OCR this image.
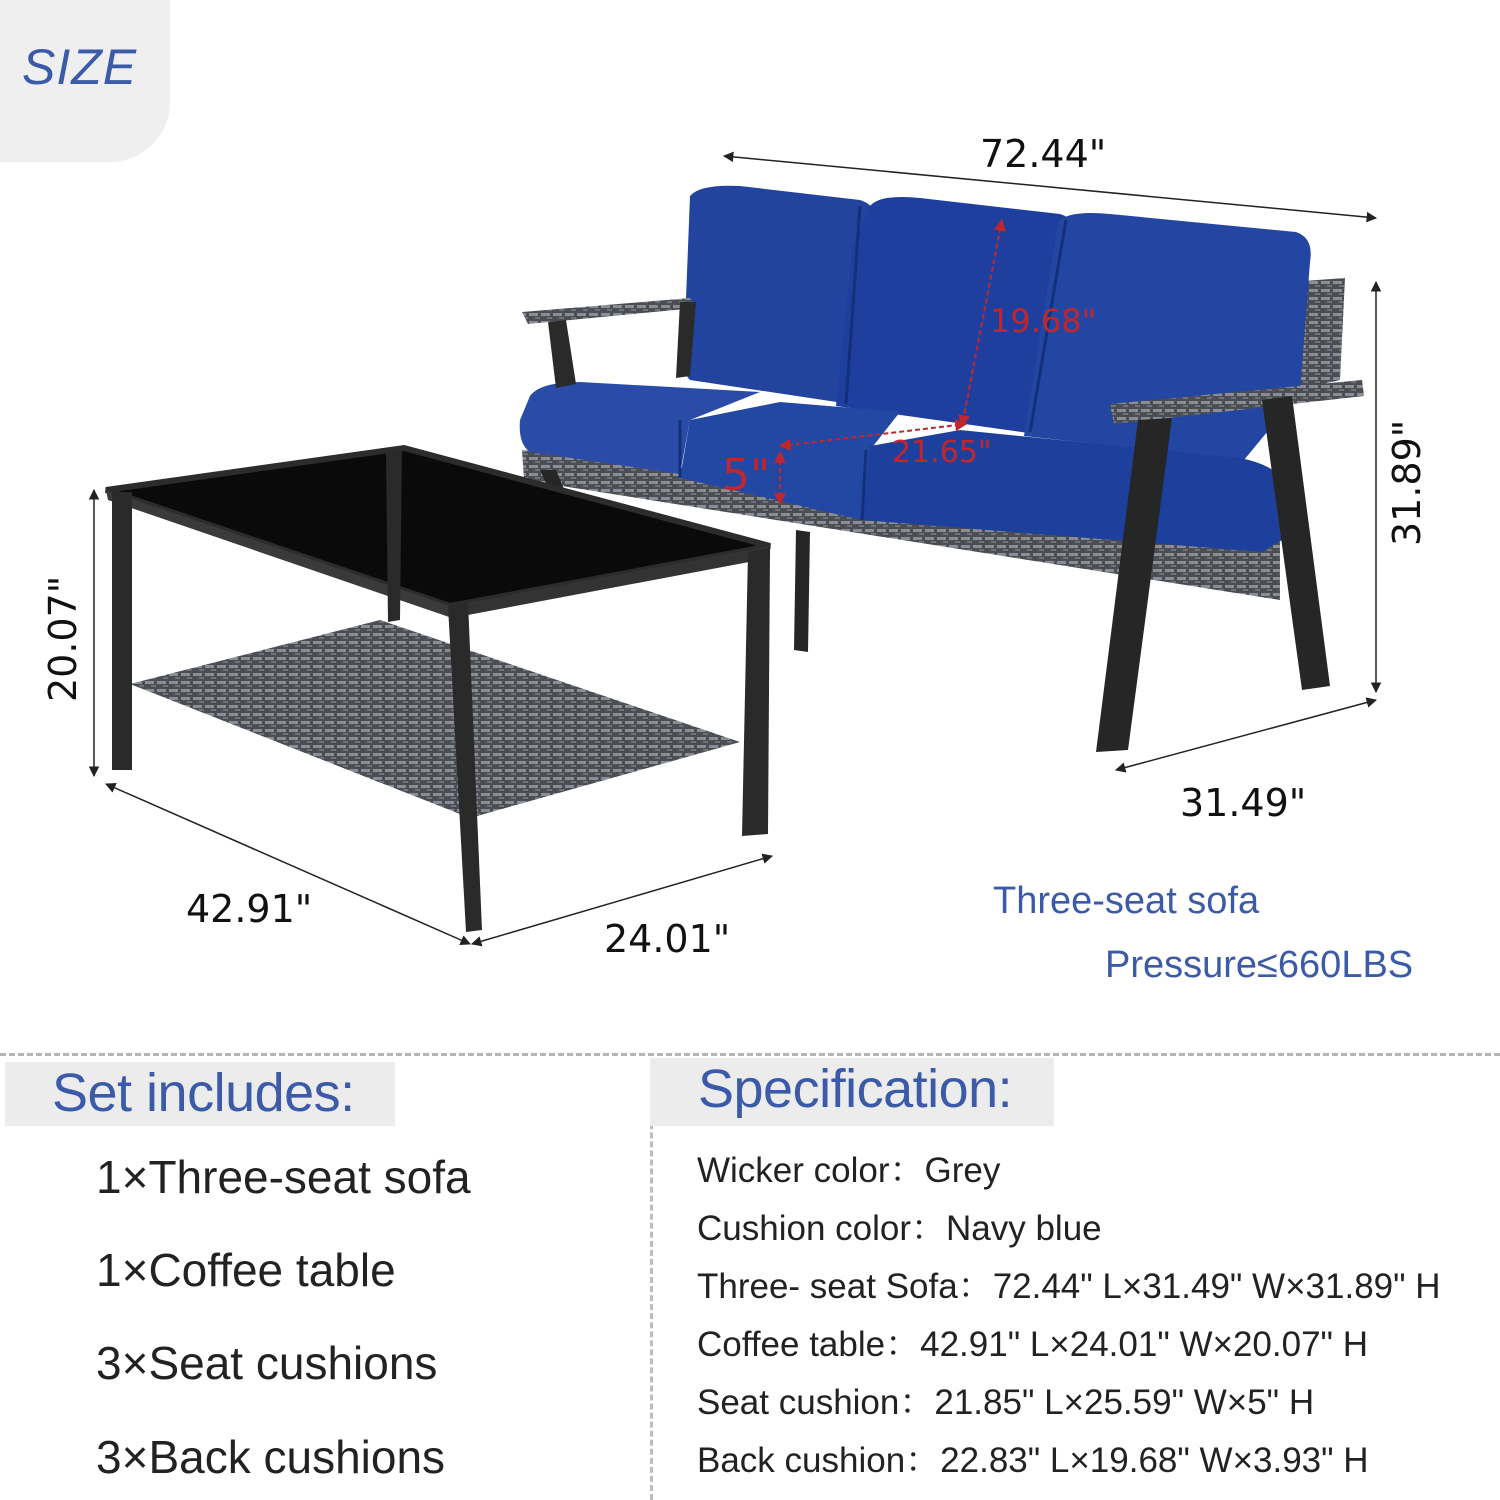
SIZE
72.44"
19.68"
21.65"
5"	31.89"
31.49"
20.07"
42.91"
24.01"
Three-seat sofa
Pressure≤660LBS
Set includes:
1×Three-seat sofa
1×Coffee table
3×Seat cushions
3×Back cushions
Specification:
Wicker color：Grey
Cushion color：Navy blue
Three- seat Sofa：72.44" L×31.49" W×31.89" H
Coffee table：42.91" L×24.01" W×20.07" H
Seat cushion：21.85" L×25.59" W×5" H
Back cushion：22.83" L×19.68" W×3.93" H
